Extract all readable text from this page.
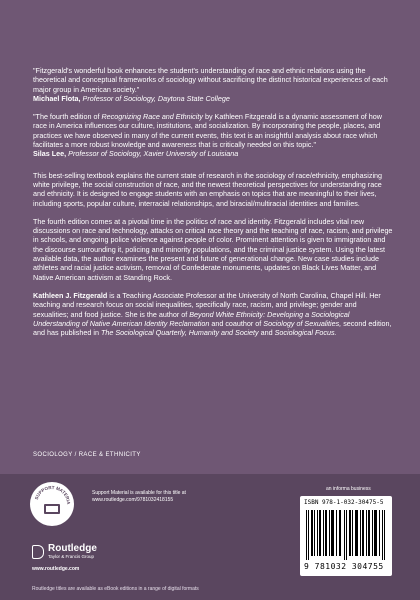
"Fitzgerald's wonderful book enhances the student's understanding of race and ethnic relations using the theoretical and conceptual frameworks of sociology without sacrificing the distinct historical experiences of each major group in American society."
Michael Flota, Professor of Sociology, Daytona State College
"The fourth edition of Recognizing Race and Ethnicity by Kathleen Fitzgerald is a dynamic assessment of how race in America influences our culture, institutions, and socialization. By incorporating the people, places, and practices we have observed in many of the current events, this text is an insightful analysis about race which facilitates a more robust knowledge and awareness that is critically needed on this topic."
Silas Lee, Professor of Sociology, Xavier University of Louisiana

This best-selling textbook explains the current state of research in the sociology of race/ethnicity, emphasizing white privilege, the social construction of race, and the newest theoretical perspectives for understanding race and ethnicity. It is designed to engage students with an emphasis on topics that are meaningful to their lives, including sports, popular culture, interracial relationships, and biracial/multiracial identities and families.

The fourth edition comes at a pivotal time in the politics of race and identity. Fitzgerald includes vital new discussions on race and technology, attacks on critical race theory and the teaching of race, racism, and privilege in schools, and ongoing police violence against people of color. Prominent attention is given to immigration and the discourse surrounding it, policing and minority populations, and the criminal justice system. Using the latest available data, the author examines the present and future of generational change. New case studies include athletes and racial justice activism, removal of Confederate monuments, updates on Black Lives Matter, and Native American activism at Standing Rock.

Kathleen J. Fitzgerald is a Teaching Associate Professor at the University of North Carolina, Chapel Hill. Her teaching and research focus on social inequalities, specifically race, racism, and privilege; gender and sexualities; and food justice. She is the author of Beyond White Ethnicity: Developing a Sociological Understanding of Native American Identity Reclamation and coauthor of Sociology of Sexualities, second edition, and has published in The Sociological Quarterly, Humanity and Society and Sociological Focus.

SOCIOLOGY / RACE & ETHNICITY
SUPPORT MATERIA
Support Material is available for this title at
www.routledge.com/9781032418155
Routledge
Taylor & Francis Group
www.routledge.com
Routledge titles are available as eBook editions in a range of digital formats
an informa business
ISBN 978-1-032-30475-5
9 781032 304755
